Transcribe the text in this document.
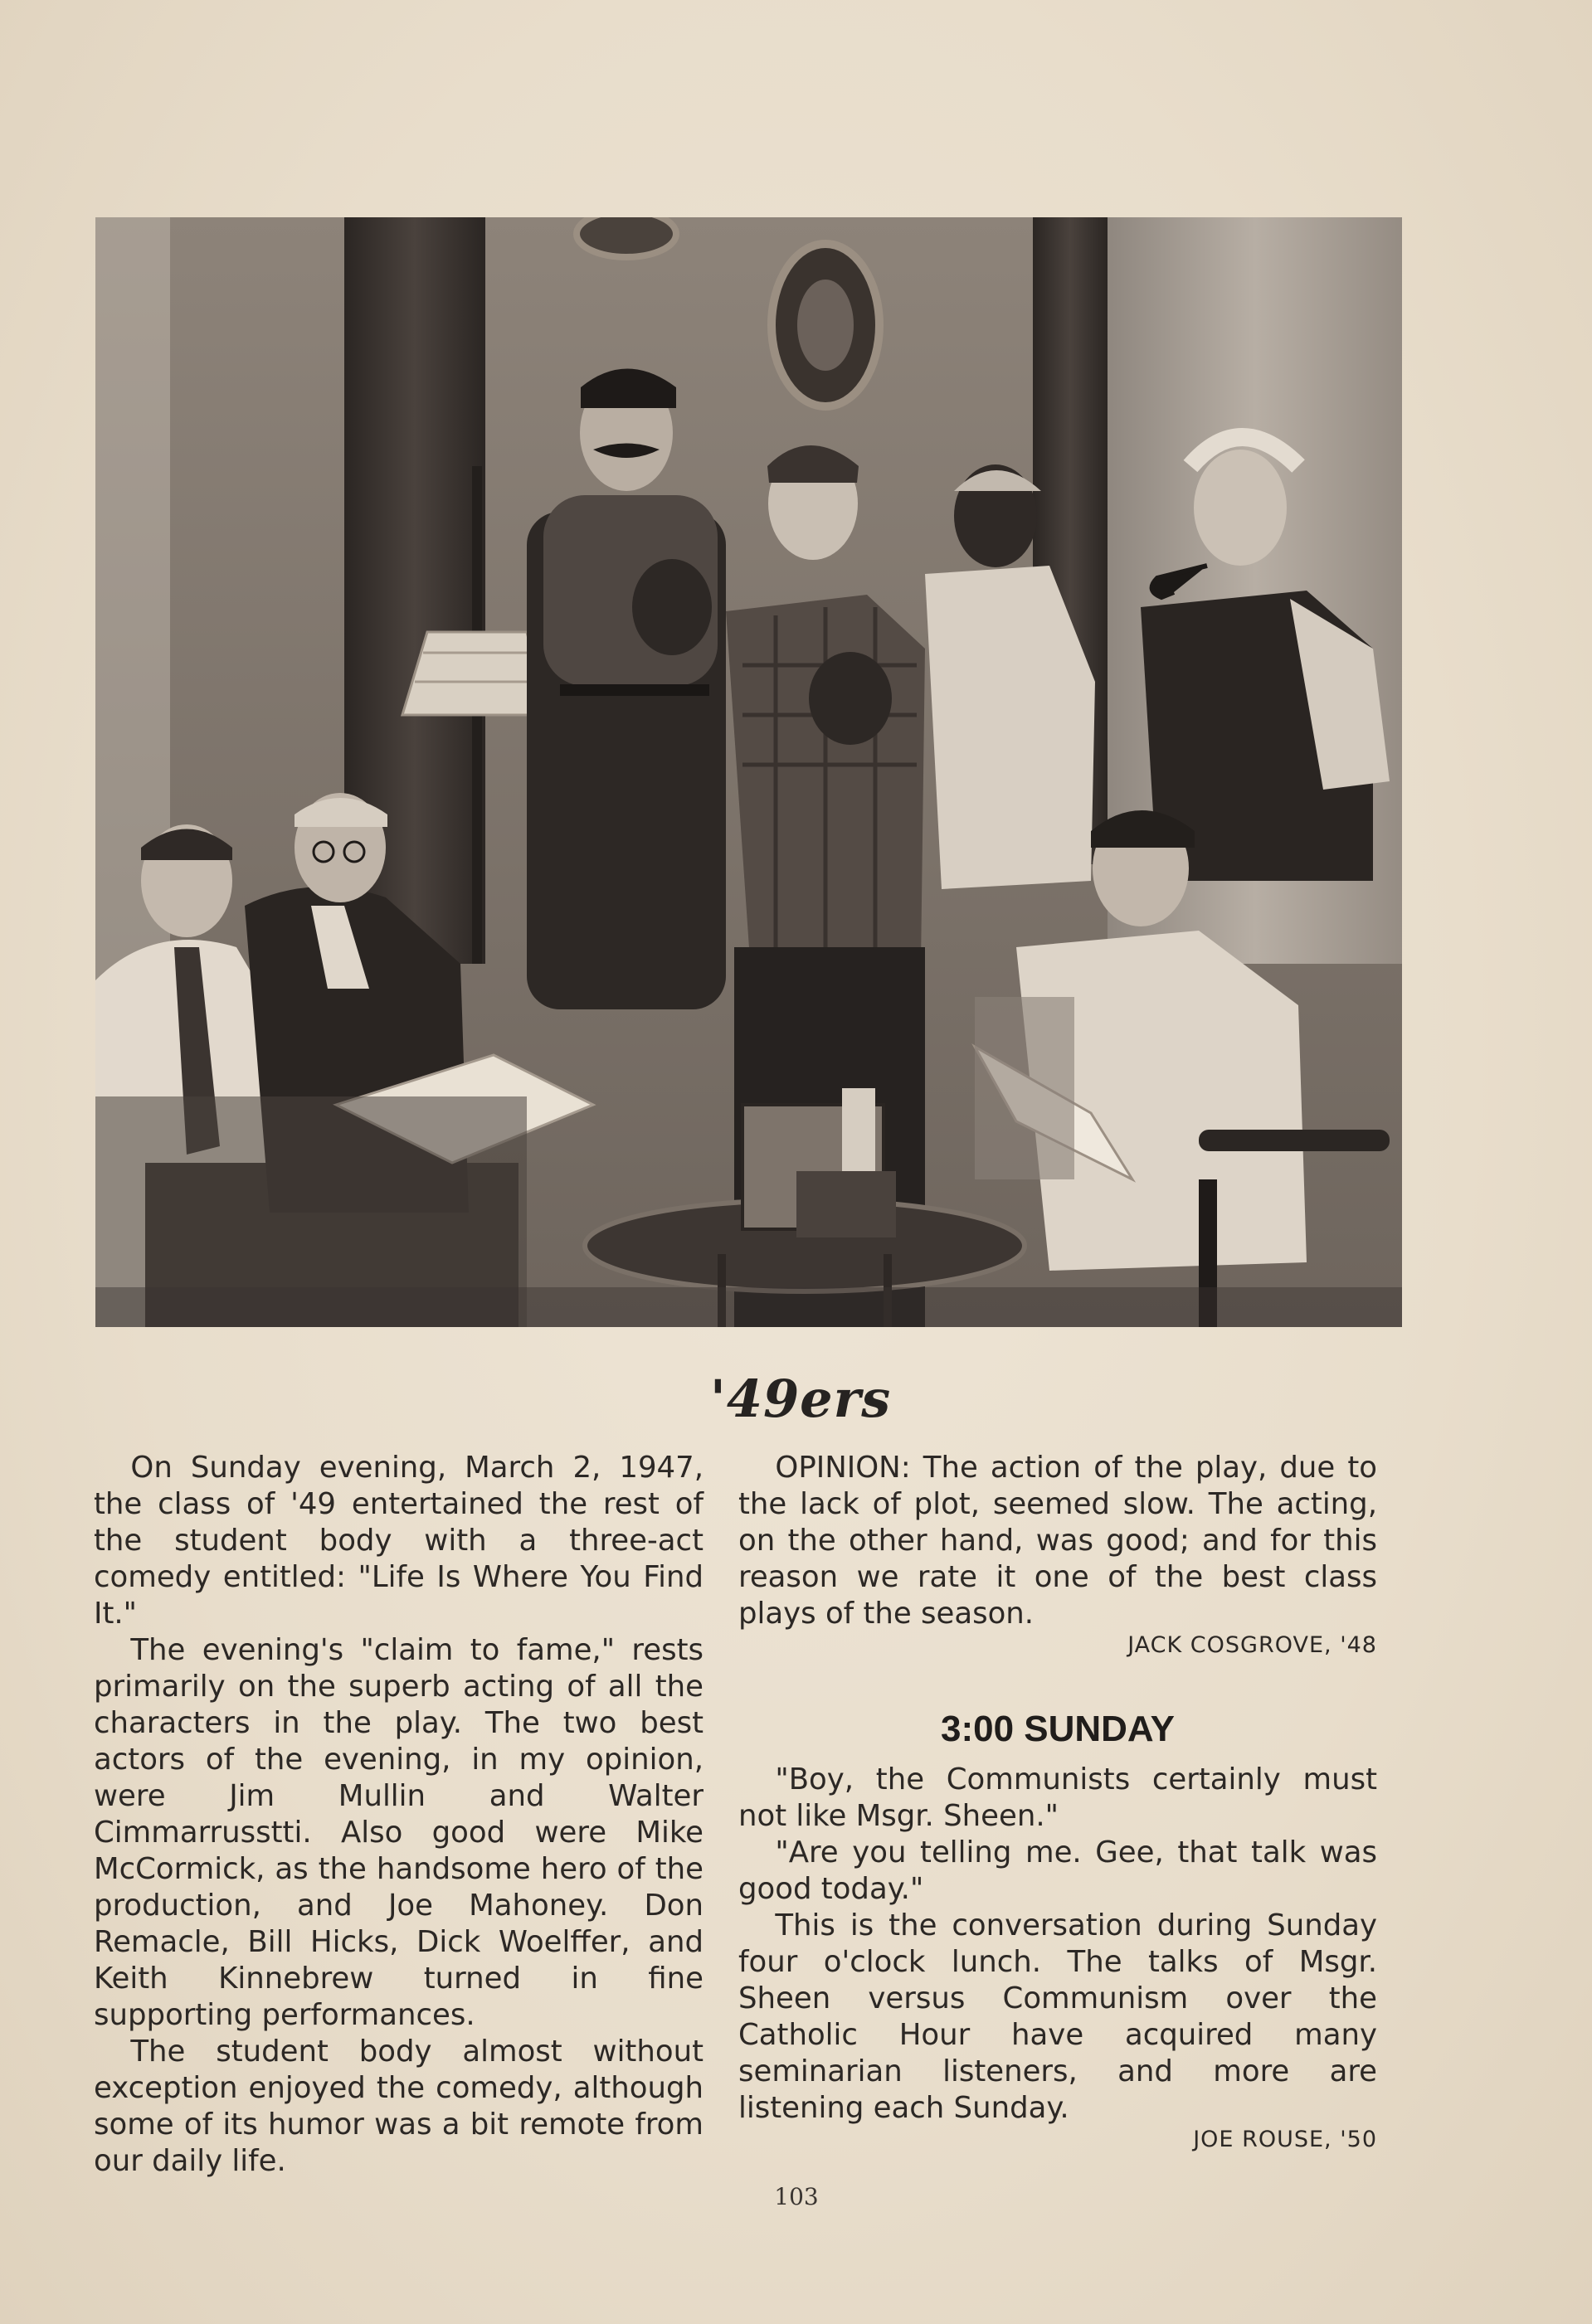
'49ers

On Sunday evening, March 2, 1947, the class of '49 entertained the rest of the student body with a three-act comedy entitled: "Life Is Where You Find It."

The evening's "claim to fame," rests primarily on the superb acting of all the characters in the play. The two best actors of the evening, in my opinion, were Jim Mullin and Walter Cimmarrusstti. Also good were Mike McCormick, as the handsome hero of the production, and Joe Mahoney. Don Remacle, Bill Hicks, Dick Woelffer, and Keith Kinnebrew turned in fine supporting performances.

The student body almost without exception enjoyed the comedy, although some of its humor was a bit remote from our daily life.

OPINION: The action of the play, due to the lack of plot, seemed slow. The acting, on the other hand, was good; and for this reason we rate it one of the best class plays of the season.

JACK COSGROVE, '48
3:00 SUNDAY

"Boy, the Communists certainly must not like Msgr. Sheen."

"Are you telling me. Gee, that talk was good today."

This is the conversation during Sunday four o'clock lunch. The talks of Msgr. Sheen versus Communism over the Catholic Hour have acquired many seminarian listeners, and more are listening each Sunday.

JOE ROUSE, '50
103
